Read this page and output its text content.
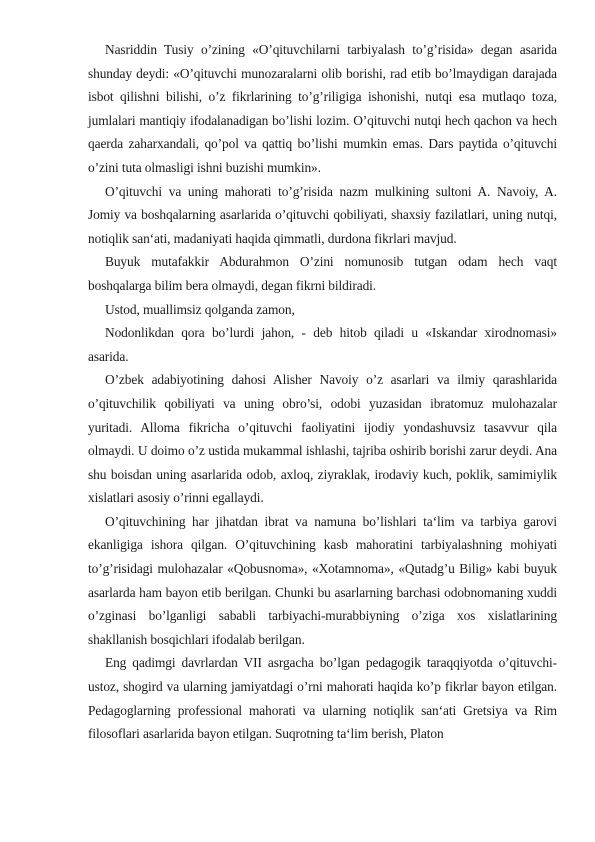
Nasriddin Tusiy o’zining «O’qituvchilarni tarbiyalash to’g’risida» degan asarida shunday deydi: «O’qituvchi munozaralarni olib borishi, rad etib bo’lmaydigan darajada isbot qilishni bilishi, o’z fikrlarining to’g’riligiga ishonishi, nutqi esa mutlaqo toza, jumlalari mantiqiy ifodalanadigan bo’lishi lozim. O’qituvchi nutqi hech qachon va hech qaerda zaharxandali, qo’pol va qattiq bo’lishi mumkin emas. Dars paytida o’qituvchi o’zini tuta olmasligi ishni buzishi mumkin».

O’qituvchi va uning mahorati to’g’risida nazm mulkining sultoni A. Navoiy, A. Jomiy va boshqalarning asarlarida o’qituvchi qobiliyati, shaxsiy fazilatlari, uning nutqi, notiqlik san‘ati, madaniyati haqida qimmatli, durdona fikrlari mavjud.

Buyuk mutafakkir Abdurahmon O’zini nomunosib tutgan odam hech vaqt boshqalarga bilim bera olmaydi, degan fikrni bildiradi.

Ustod, muallimsiz qolganda zamon,

Nodonlikdan qora bo’lurdi jahon, - deb hitob qiladi u «Iskandar xirodnomasi» asarida.

O’zbek adabiyotining dahosi Alisher Navoiy o’z asarlari va ilmiy qarashlarida o’qituvchilik qobiliyati va uning obro’si, odobi yuzasidan ibratomuz mulohazalar yuritadi. Alloma fikricha o’qituvchi faoliyatini ijodiy yondashuvsiz tasavvur qila olmaydi. U doimo o’z ustida mukammal ishlashi, tajriba oshirib borishi zarur deydi. Ana shu boisdan uning asarlarida odob, axloq, ziyraklak, irodaviy kuch, poklik, samimiylik xislatlari asosiy o’rinni egallaydi.

O’qituvchining har jihatdan ibrat va namuna bo’lishlari ta‘lim va tarbiya garovi ekanligiga ishora qilgan. O’qituvchining kasb mahoratini tarbiyalashning mohiyati to’g’risidagi mulohazalar «Qobusnoma», «Xotamnoma», «Qutadg’u Bilig» kabi buyuk asarlarda ham bayon etib berilgan. Chunki bu asarlarning barchasi odobnomaning xuddi o’zginasi bo’lganligi sababli tarbiyachi-murabbiyning o’ziga xos xislatlarining shakllanish bosqichlari ifodalab berilgan.

Eng qadimgi davrlardan VII asrgacha bo’lgan pedagogik taraqqiyotda o’qituvchi-ustoz, shogird va ularning jamiyatdagi o’rni mahorati haqida ko’p fikrlar bayon etilgan. Pedagoglarning professional mahorati va ularning notiqlik san‘ati Gretsiya va Rim filosoflari asarlarida bayon etilgan. Suqrotning ta‘lim berish, Platon
